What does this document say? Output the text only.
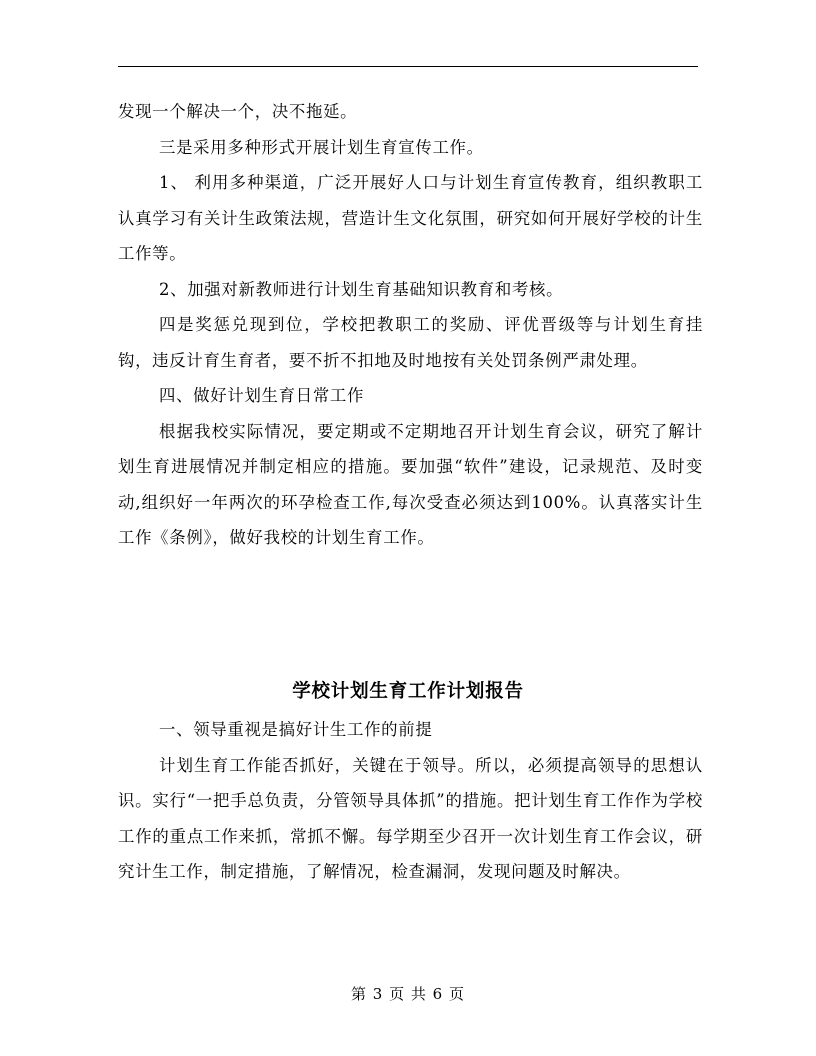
发现一个解决一个，决不拖延。

三是采用多种形式开展计划生育宣传工作。

1、 利用多种渠道，广泛开展好人口与计划生育宣传教育，组织教职工认真学习有关计生政策法规，营造计生文化氛围，研究如何开展好学校的计生工作等。

2、加强对新教师进行计划生育基础知识教育和考核。

四是奖惩兑现到位，学校把教职工的奖励、评优晋级等与计划生育挂钩，违反计育生育者，要不折不扣地及时地按有关处罚条例严肃处理。

四、做好计划生育日常工作

根据我校实际情况，要定期或不定期地召开计划生育会议，研究了解计划生育进展情况并制定相应的措施。要加强“软件”建设，记录规范、及时变动,组织好一年两次的环孕检查工作,每次受查必须达到100%。认真落实计生工作《条例》，做好我校的计划生育工作。

学校计划生育工作计划报告

一、领导重视是搞好计生工作的前提

计划生育工作能否抓好，关键在于领导。所以，必须提高领导的思想认识。实行“一把手总负责，分管领导具体抓”的措施。把计划生育工作作为学校工作的重点工作来抓，常抓不懈。每学期至少召开一次计划生育工作会议，研究计生工作，制定措施，了解情况，检查漏洞，发现问题及时解决。

第 3 页 共 6 页
